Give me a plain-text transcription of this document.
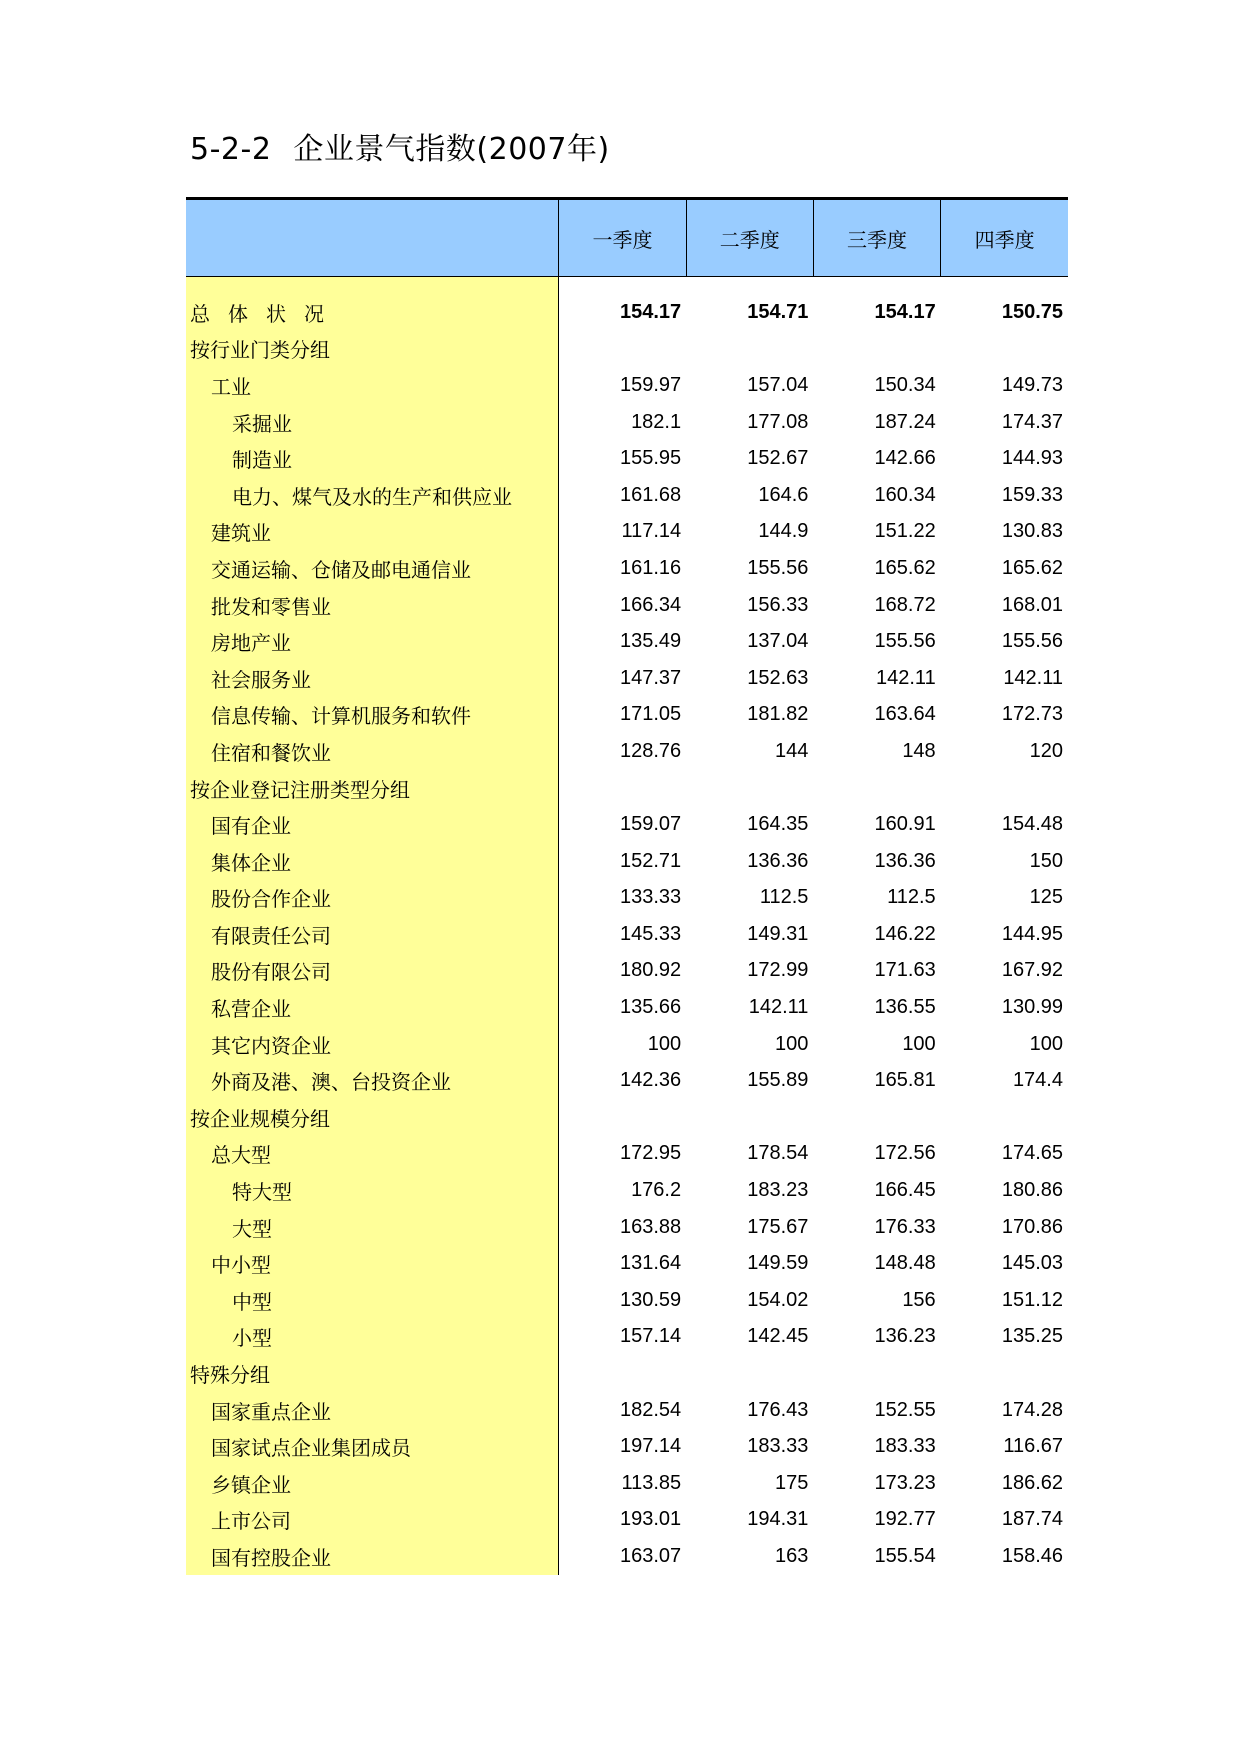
5-2-2 企业景气指数(2007年)
	一季度	二季度	三季度	四季度

总体状况	154.17	154.71	154.17	150.75
按行业门类分组				
工业	159.97	157.04	150.34	149.73
采掘业	182.1	177.08	187.24	174.37
制造业	155.95	152.67	142.66	144.93
电力、煤气及水的生产和供应业	161.68	164.6	160.34	159.33
建筑业	117.14	144.9	151.22	130.83
交通运输、仓储及邮电通信业	161.16	155.56	165.62	165.62
批发和零售业	166.34	156.33	168.72	168.01
房地产业	135.49	137.04	155.56	155.56
社会服务业	147.37	152.63	142.11	142.11
信息传输、计算机服务和软件	171.05	181.82	163.64	172.73
住宿和餐饮业	128.76	144	148	120
按企业登记注册类型分组				
国有企业	159.07	164.35	160.91	154.48
集体企业	152.71	136.36	136.36	150
股份合作企业	133.33	112.5	112.5	125
有限责任公司	145.33	149.31	146.22	144.95
股份有限公司	180.92	172.99	171.63	167.92
私营企业	135.66	142.11	136.55	130.99
其它内资企业	100	100	100	100
外商及港、澳、台投资企业	142.36	155.89	165.81	174.4
按企业规模分组				
总大型	172.95	178.54	172.56	174.65
特大型	176.2	183.23	166.45	180.86
大型	163.88	175.67	176.33	170.86
中小型	131.64	149.59	148.48	145.03
中型	130.59	154.02	156	151.12
小型	157.14	142.45	136.23	135.25
特殊分组				
国家重点企业	182.54	176.43	152.55	174.28
国家试点企业集团成员	197.14	183.33	183.33	116.67
乡镇企业	113.85	175	173.23	186.62
上市公司	193.01	194.31	192.77	187.74
国有控股企业	163.07	163	155.54	158.46
